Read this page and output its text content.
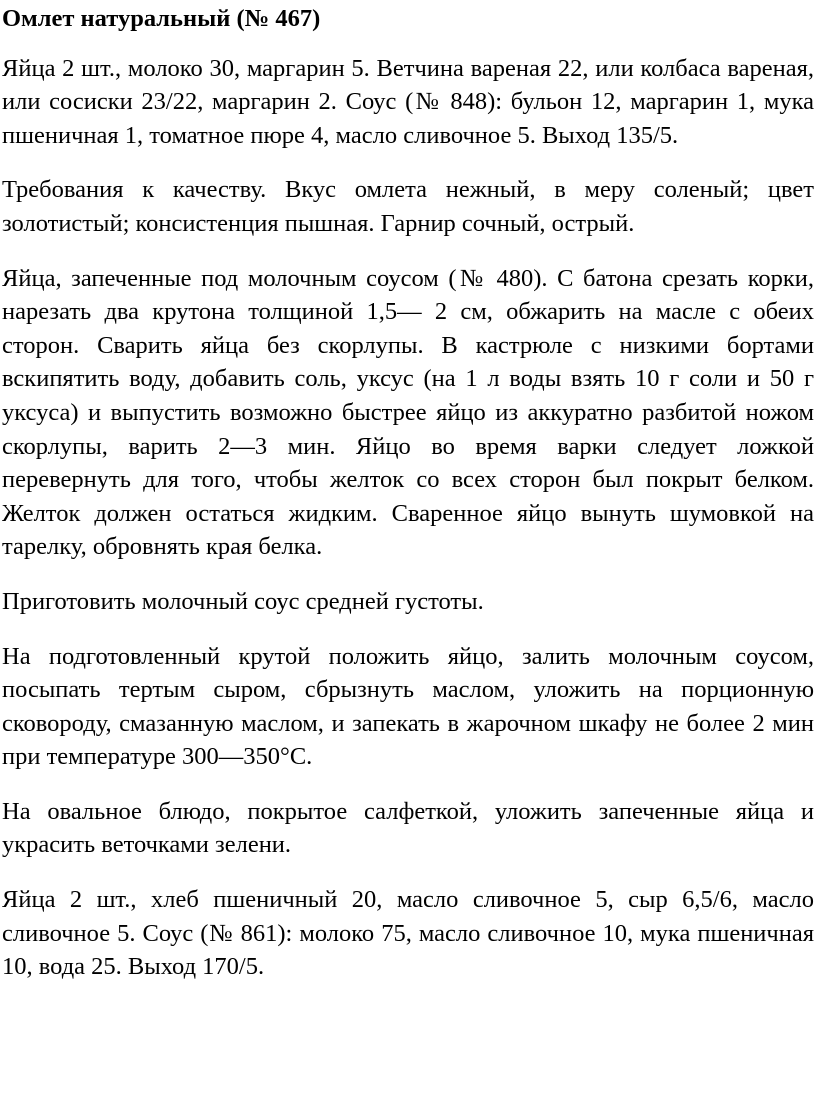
Омлет натуральный (№ 467)

Яйца 2 шт., молоко 30, маргарин 5. Ветчина вареная 22, или колбаса вареная, или сосиски 23/22, маргарин 2. Соус (№ 848): бульон 12, маргарин 1, мука пшеничная 1, томатное пюре 4, масло сливочное 5. Выход 135/5.

Требования к качеству. Вкус омлета нежный, в меру соленый; цвет золотистый; консистенция пышная. Гарнир сочный, острый.

Яйца, запеченные под молочным соусом (№ 480). С батона срезать корки, нарезать два крутона толщиной 1,5— 2 см, обжарить на масле с обеих сторон. Сварить яйца без скорлупы. В кастрюле с низкими бортами вскипятить воду, добавить соль, уксус (на 1 л воды взять 10 г соли и 50 г уксуса) и выпустить возможно быстрее яйцо из аккуратно разбитой ножом скорлупы, варить 2—3 мин. Яйцо во время варки следует ложкой перевернуть для того, чтобы желток со всех сторон был покрыт белком. Желток должен остаться жидким. Сваренное яйцо вынуть шумовкой на тарелку, обровнять края белка.

Приготовить молочный соус средней густоты.

На подготовленный крутой положить яйцо, залить молочным соусом, посыпать тертым сыром, сбрызнуть маслом, уложить на порционную сковороду, смазанную маслом, и запекать в жарочном шкафу не более 2 мин при температуре 300—350°С.

На овальное блюдо, покрытое салфеткой, уложить запеченные яйца и украсить веточками зелени.

Яйца 2 шт., хлеб пшеничный 20, масло сливочное 5, сыр 6,5/6, масло сливочное 5. Соус (№ 861): молоко 75, масло сливочное 10, мука пшеничная 10, вода 25. Выход 170/5.
